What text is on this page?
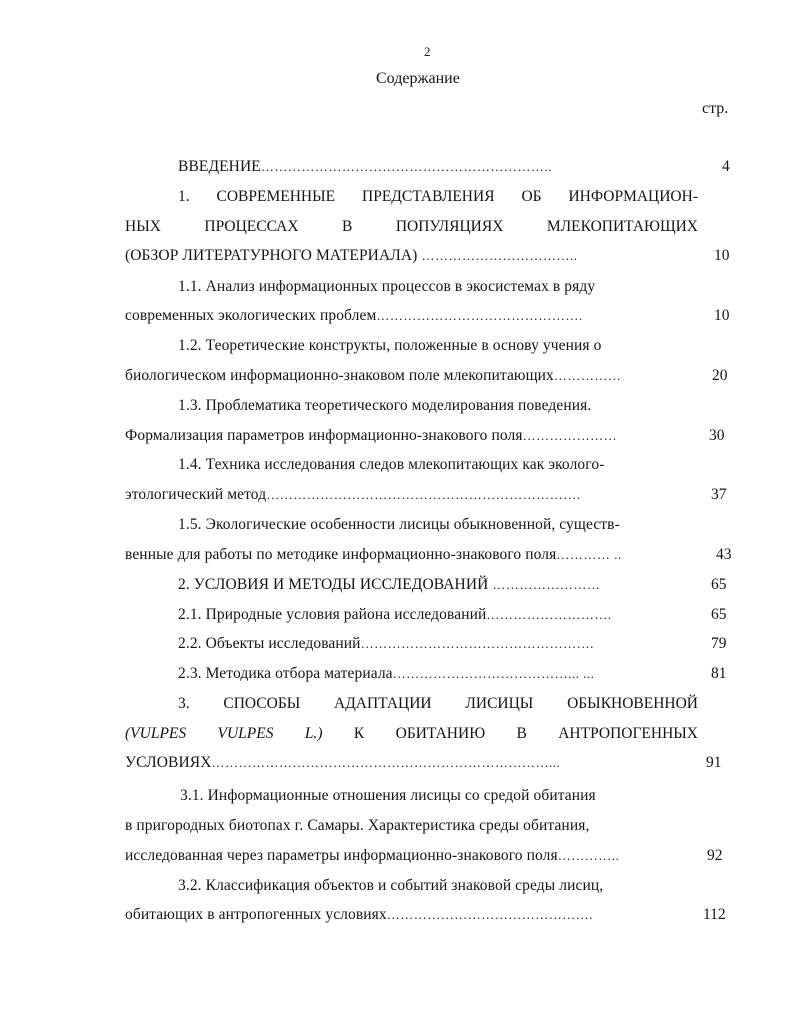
2
Содержание
стр.
ВВЕДЕНИЕ………………………………………………………..	4
1. СОВРЕМЕННЫЕ ПРЕДСТАВЛЕНИЯ ОБ ИНФОРМАЦИОН-
НЫХ	ПРОЦЕССАХ	В	ПОПУЛЯЦИЯХ	МЛЕКОПИТАЮЩИХ
(ОБЗОР ЛИТЕРАТУРНОГО МАТЕРИАЛА) ……………………………..	10
1.1. Анализ информационных процессов в экосистемах в ряду
современных экологических проблем……………………………………….	10
1.2. Теоретические конструкты, положенные в основу учения о
биологическом информационно-знаковом поле млекопитающих……………	20
1.3. Проблематика теоретического моделирования поведения.
Формализация параметров информационно-знакового поля…………………	30
1.4. Техника исследования следов млекопитающих как эколого-
этологический метод…………………………………………………………….	37
1.5. Экологические особенности лисицы обыкновенной, существ-
венные для работы по методике информационно-знакового поля………… ..	43
2. УСЛОВИЯ И МЕТОДЫ ИССЛЕДОВАНИЙ ……………………	65
2.1. Природные условия района исследований……………………….	65
2.2. Объекты исследований…………………………………………….	79
2.3. Методика отбора материала…………………………………... ...	81
3. СПОСОБЫ АДАПТАЦИИ ЛИСИЦЫ ОБЫКНОВЕННОЙ
(VULPES VULPES L.) К ОБИТАНИЮ В АНТРОПОГЕННЫХ
УСЛОВИЯХ…………………………………………………………………...	91
3.1. Информационные отношения лисицы со средой обитания
в пригородных биотопах г. Самары. Характеристика среды обитания,
исследованная через параметры информационно-знакового поля…………..	92
3.2. Классификация объектов и событий знаковой среды лисиц,
обитающих в антропогенных условиях……………………………………….	112
